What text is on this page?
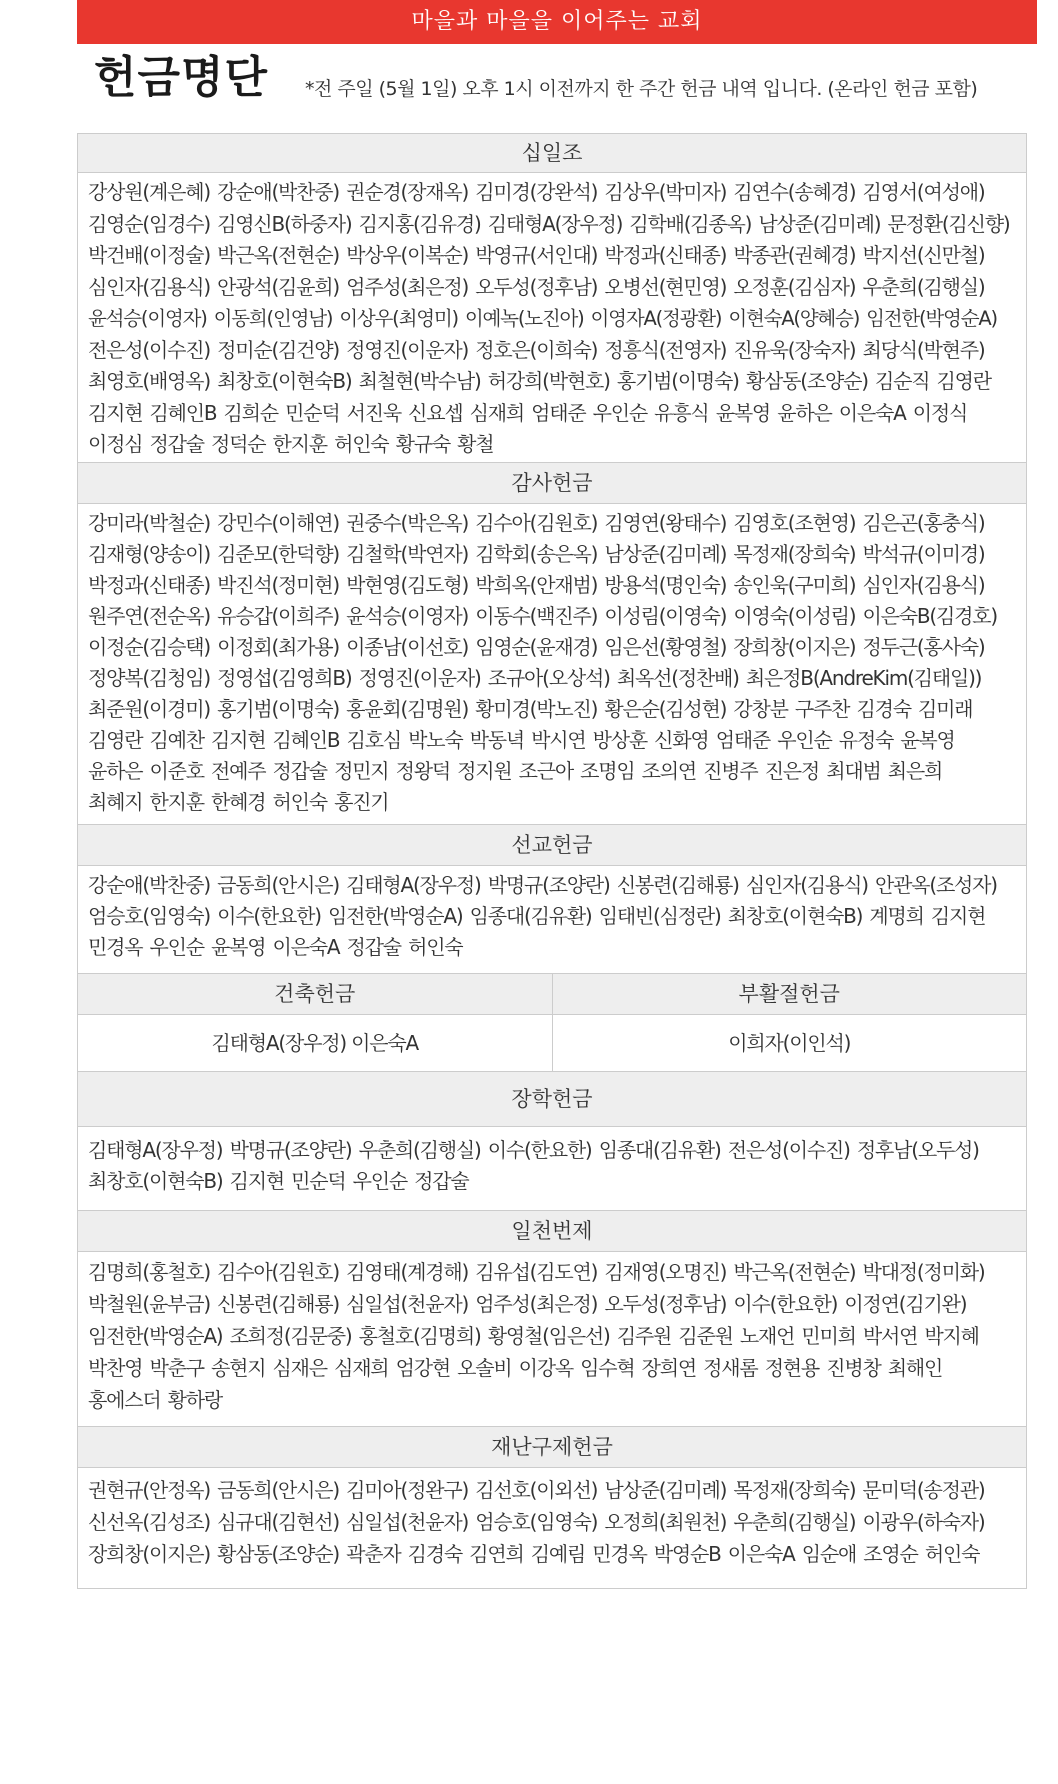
마을과 마을을 이어주는 교회
헌금명단 *전 주일 (5월 1일) 오후 1시 이전까지 한 주간 헌금 내역 입니다. (온라인 헌금 포함)
십일조
강상원(계은혜) 강순애(박찬중) 권순경(장재옥) 김미경(강완석) 김상우(박미자) 김연수(송혜경) 김영서(여성애)
김영순(임경수) 김영신B(하중자) 김지홍(김유경) 김태형A(장우정) 김학배(김종옥) 남상준(김미례) 문정환(김신향)
박건배(이정술) 박근옥(전현순) 박상우(이복순) 박영규(서인대) 박정과(신태종) 박종관(권혜경) 박지선(신만철)
심인자(김용식) 안광석(김윤희) 엄주성(최은정) 오두성(정후남) 오병선(현민영) 오정훈(김심자) 우춘희(김행실)
윤석승(이영자) 이동희(인영남) 이상우(최영미) 이예녹(노진아) 이영자A(정광환) 이현숙A(양혜승) 임전한(박영순A)
전은성(이수진) 정미순(김건양) 정영진(이운자) 정호은(이희숙) 정흥식(전영자) 진유욱(장숙자) 최당식(박현주)
최영호(배영옥) 최창호(이현숙B) 최철현(박수남) 허강희(박현호) 홍기범(이명숙) 황삼동(조양순) 김순직 김영란
김지현 김혜인B 김희순 민순덕 서진욱 신요셉 심재희 엄태준 우인순 유흥식 윤복영 윤하은 이은숙A 이정식
이정심 정갑술 정덕순 한지훈 허인숙 황규숙 황철
감사헌금
강미라(박철순) 강민수(이해연) 권중수(박은옥) 김수아(김원호) 김영연(왕태수) 김영호(조현영) 김은곤(홍충식)
김재형(양송이) 김준모(한덕향) 김철학(박연자) 김학회(송은옥) 남상준(김미례) 목정재(장희숙) 박석규(이미경)
박정과(신태종) 박진석(정미현) 박현영(김도형) 박희옥(안재범) 방용석(명인숙) 송인욱(구미희) 심인자(김용식)
원주연(전순옥) 유승갑(이희주) 윤석승(이영자) 이동수(백진주) 이성림(이영숙) 이영숙(이성림) 이은숙B(김경호)
이정순(김승택) 이정회(최가용) 이종남(이선호) 임영순(윤재경) 임은선(황영철) 장희창(이지은) 정두근(홍사숙)
정양복(김청임) 정영섭(김영희B) 정영진(이운자) 조규아(오상석) 최옥선(정찬배) 최은정B(AndreKim(김태일))
최준원(이경미) 홍기범(이명숙) 홍윤회(김명원) 황미경(박노진) 황은순(김성현) 강창분 구주찬 김경숙 김미래
김영란 김예찬 김지현 김혜인B 김호심 박노숙 박동녁 박시연 방상훈 신화영 엄태준 우인순 유정숙 윤복영
윤하은 이준호 전예주 정갑술 정민지 정왕덕 정지원 조근아 조명임 조의연 진병주 진은정 최대범 최은희
최혜지 한지훈 한혜경 허인숙 홍진기
선교헌금
강순애(박찬중) 금동희(안시은) 김태형A(장우정) 박명규(조양란) 신봉련(김해룡) 심인자(김용식) 안관옥(조성자)
엄승호(임영숙) 이수(한요한) 임전한(박영순A) 임종대(김유환) 임태빈(심정란) 최창호(이현숙B) 계명희 김지현
민경옥 우인순 윤복영 이은숙A 정갑술 허인숙
건축헌금
김태형A(장우정) 이은숙A
부활절헌금
이희자(이인석)
장학헌금
김태형A(장우정) 박명규(조양란) 우춘희(김행실) 이수(한요한) 임종대(김유환) 전은성(이수진) 정후남(오두성)
최창호(이현숙B) 김지현 민순덕 우인순 정갑술
일천번제
김명희(홍철호) 김수아(김원호) 김영태(계경해) 김유섭(김도연) 김재영(오명진) 박근옥(전현순) 박대정(정미화)
박철원(윤부금) 신봉련(김해룡) 심일섭(천윤자) 엄주성(최은정) 오두성(정후남) 이수(한요한) 이정연(김기완)
임전한(박영순A) 조희정(김문중) 홍철호(김명희) 황영철(임은선) 김주원 김준원 노재언 민미희 박서연 박지혜
박찬영 박춘구 송현지 심재은 심재희 엄강현 오솔비 이강옥 임수혁 장희연 정새롬 정현용 진병창 최해인
홍에스더 황하랑
재난구제헌금
권현규(안정옥) 금동희(안시은) 김미아(정완구) 김선호(이외선) 남상준(김미례) 목정재(장희숙) 문미덕(송정관)
신선옥(김성조) 심규대(김현선) 심일섭(천윤자) 엄승호(임영숙) 오정희(최원천) 우춘희(김행실) 이광우(하숙자)
장희창(이지은) 황삼동(조양순) 곽춘자 김경숙 김연희 김예림 민경옥 박영순B 이은숙A 임순애 조영순 허인숙
